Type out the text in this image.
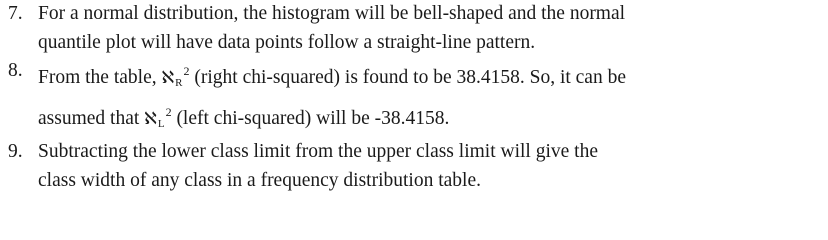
7. For a normal distribution, the histogram will be bell-shaped and the normal
quantile plot will have data points follow a straight-line pattern.
8. From the table, ℵ$_R^2$ (right chi-squared) is found to be 38.4158. So, it can be
assumed that ℵ$_L^2$ (left chi-squared) will be -38.4158.
9. Subtracting the lower class limit from the upper class limit will give the
class width of any class in a frequency distribution table.
